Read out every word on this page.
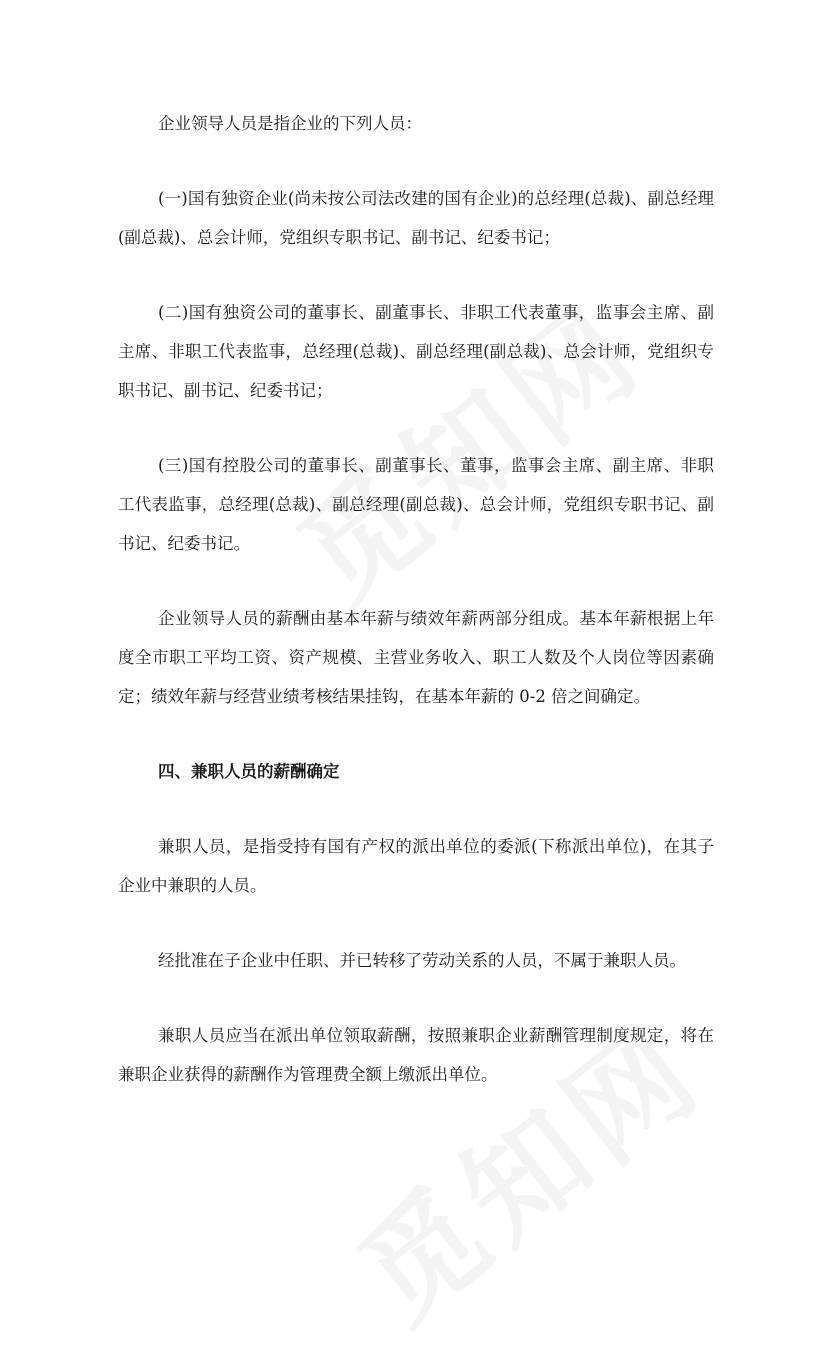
企业领导人员是指企业的下列人员：

(一)国有独资企业(尚未按公司法改建的国有企业)的总经理(总裁)、副总经理(副总裁)、总会计师，党组织专职书记、副书记、纪委书记；

(二)国有独资公司的董事长、副董事长、非职工代表董事，监事会主席、副主席、非职工代表监事，总经理(总裁)、副总经理(副总裁)、总会计师，党组织专职书记、副书记、纪委书记；

(三)国有控股公司的董事长、副董事长、董事，监事会主席、副主席、非职工代表监事，总经理(总裁)、副总经理(副总裁)、总会计师，党组织专职书记、副书记、纪委书记。

企业领导人员的薪酬由基本年薪与绩效年薪两部分组成。基本年薪根据上年度全市职工平均工资、资产规模、主营业务收入、职工人数及个人岗位等因素确定；绩效年薪与经营业绩考核结果挂钩，在基本年薪的 0-2 倍之间确定。

四、兼职人员的薪酬确定

兼职人员，是指受持有国有产权的派出单位的委派(下称派出单位)，在其子企业中兼职的人员。

经批准在子企业中任职、并已转移了劳动关系的人员，不属于兼职人员。

兼职人员应当在派出单位领取薪酬，按照兼职企业薪酬管理制度规定，将在兼职企业获得的薪酬作为管理费全额上缴派出单位。
